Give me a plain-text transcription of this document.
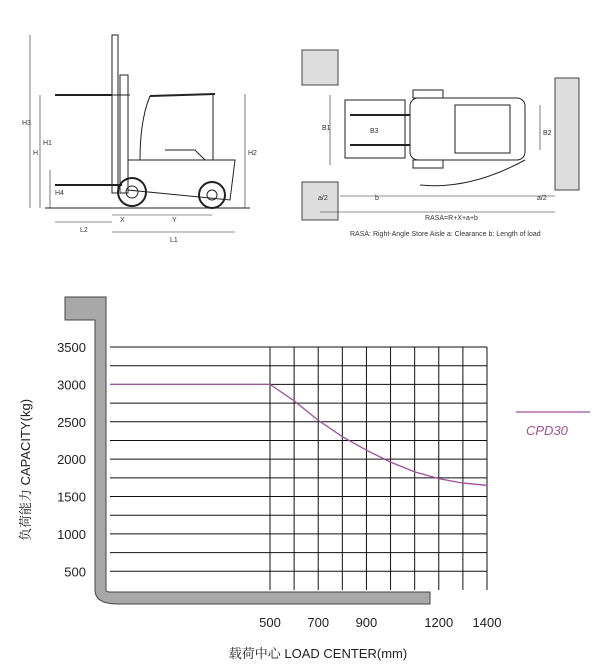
H3
H	H2
H1
H4
L2
L1
X	Y
B1
B2
B3
a/2	b	a/2
RASA=R+X+a+b
RASA: Right-Angle Store Aisle a: Clearance b: Length of load
3500
3000
2500
2000
1500
1000
500
500 700 900	1200 1400
负荷能力 CAPACITY(kg)
载荷中心 LOAD CENTER(mm)
CPD30
